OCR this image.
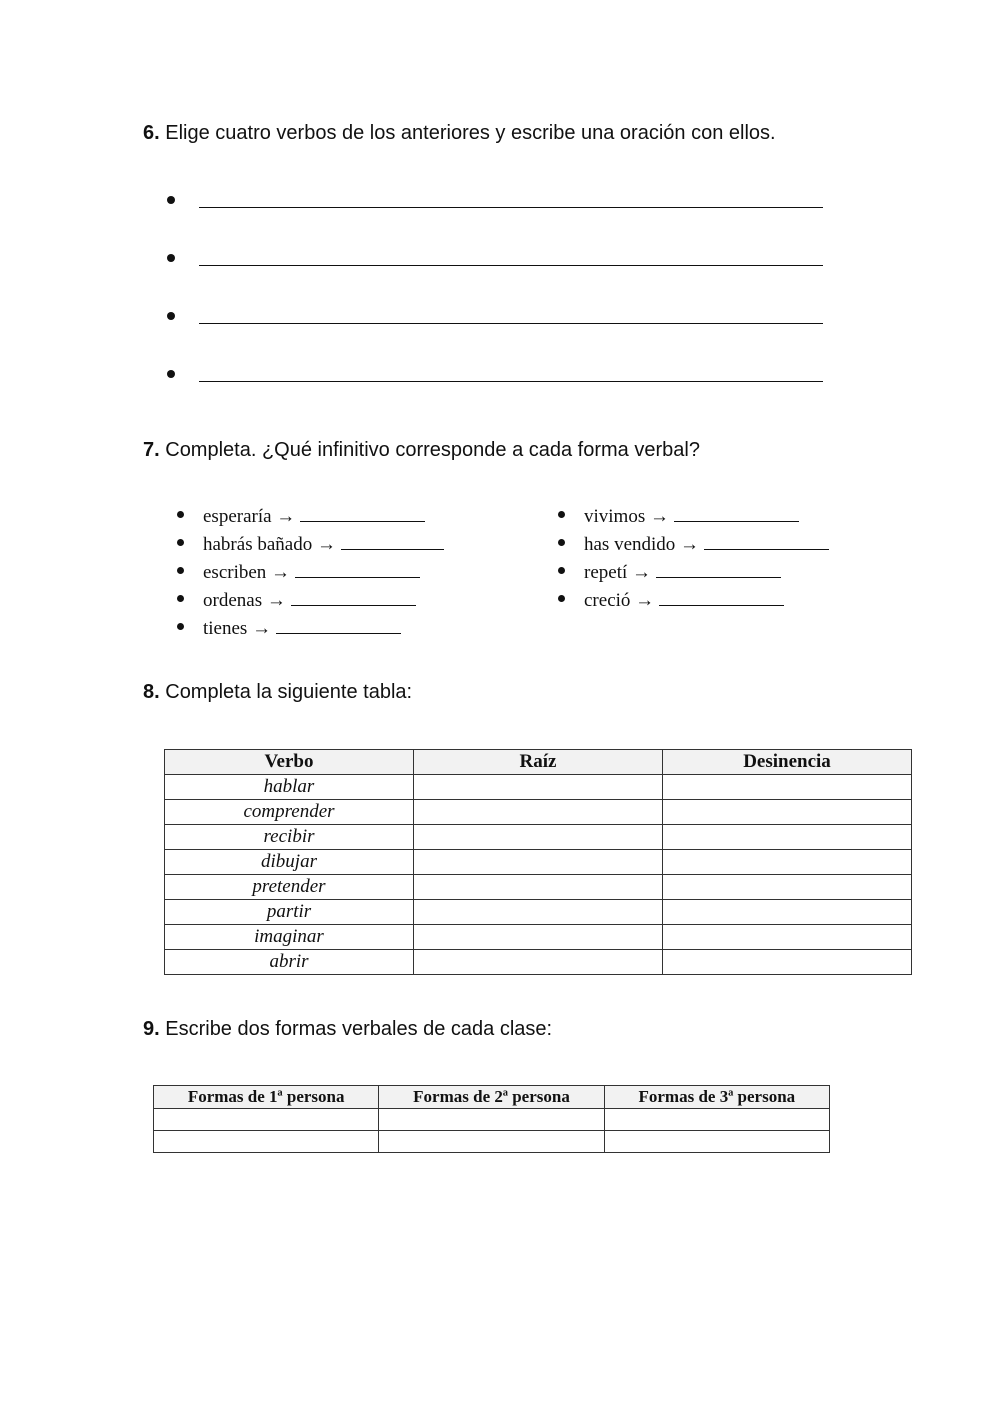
6. Elige cuatro verbos de los anteriores y escribe una oración con ellos.
7. Completa. ¿Qué infinitivo corresponde a cada forma verbal?
esperaría →
habrás bañado →
escriben →
ordenas →
tienes →
vivimos →
has vendido →
repetí →
creció →
8. Completa la siguiente tabla:
Verbo	Raíz	Desinencia
hablar		
comprender		
recibir		
dibujar		
pretender		
partir		
imaginar		
abrir		
9. Escribe dos formas verbales de cada clase:
Formas de 1ª persona	Formas de 2ª persona	Formas de 3ª persona
